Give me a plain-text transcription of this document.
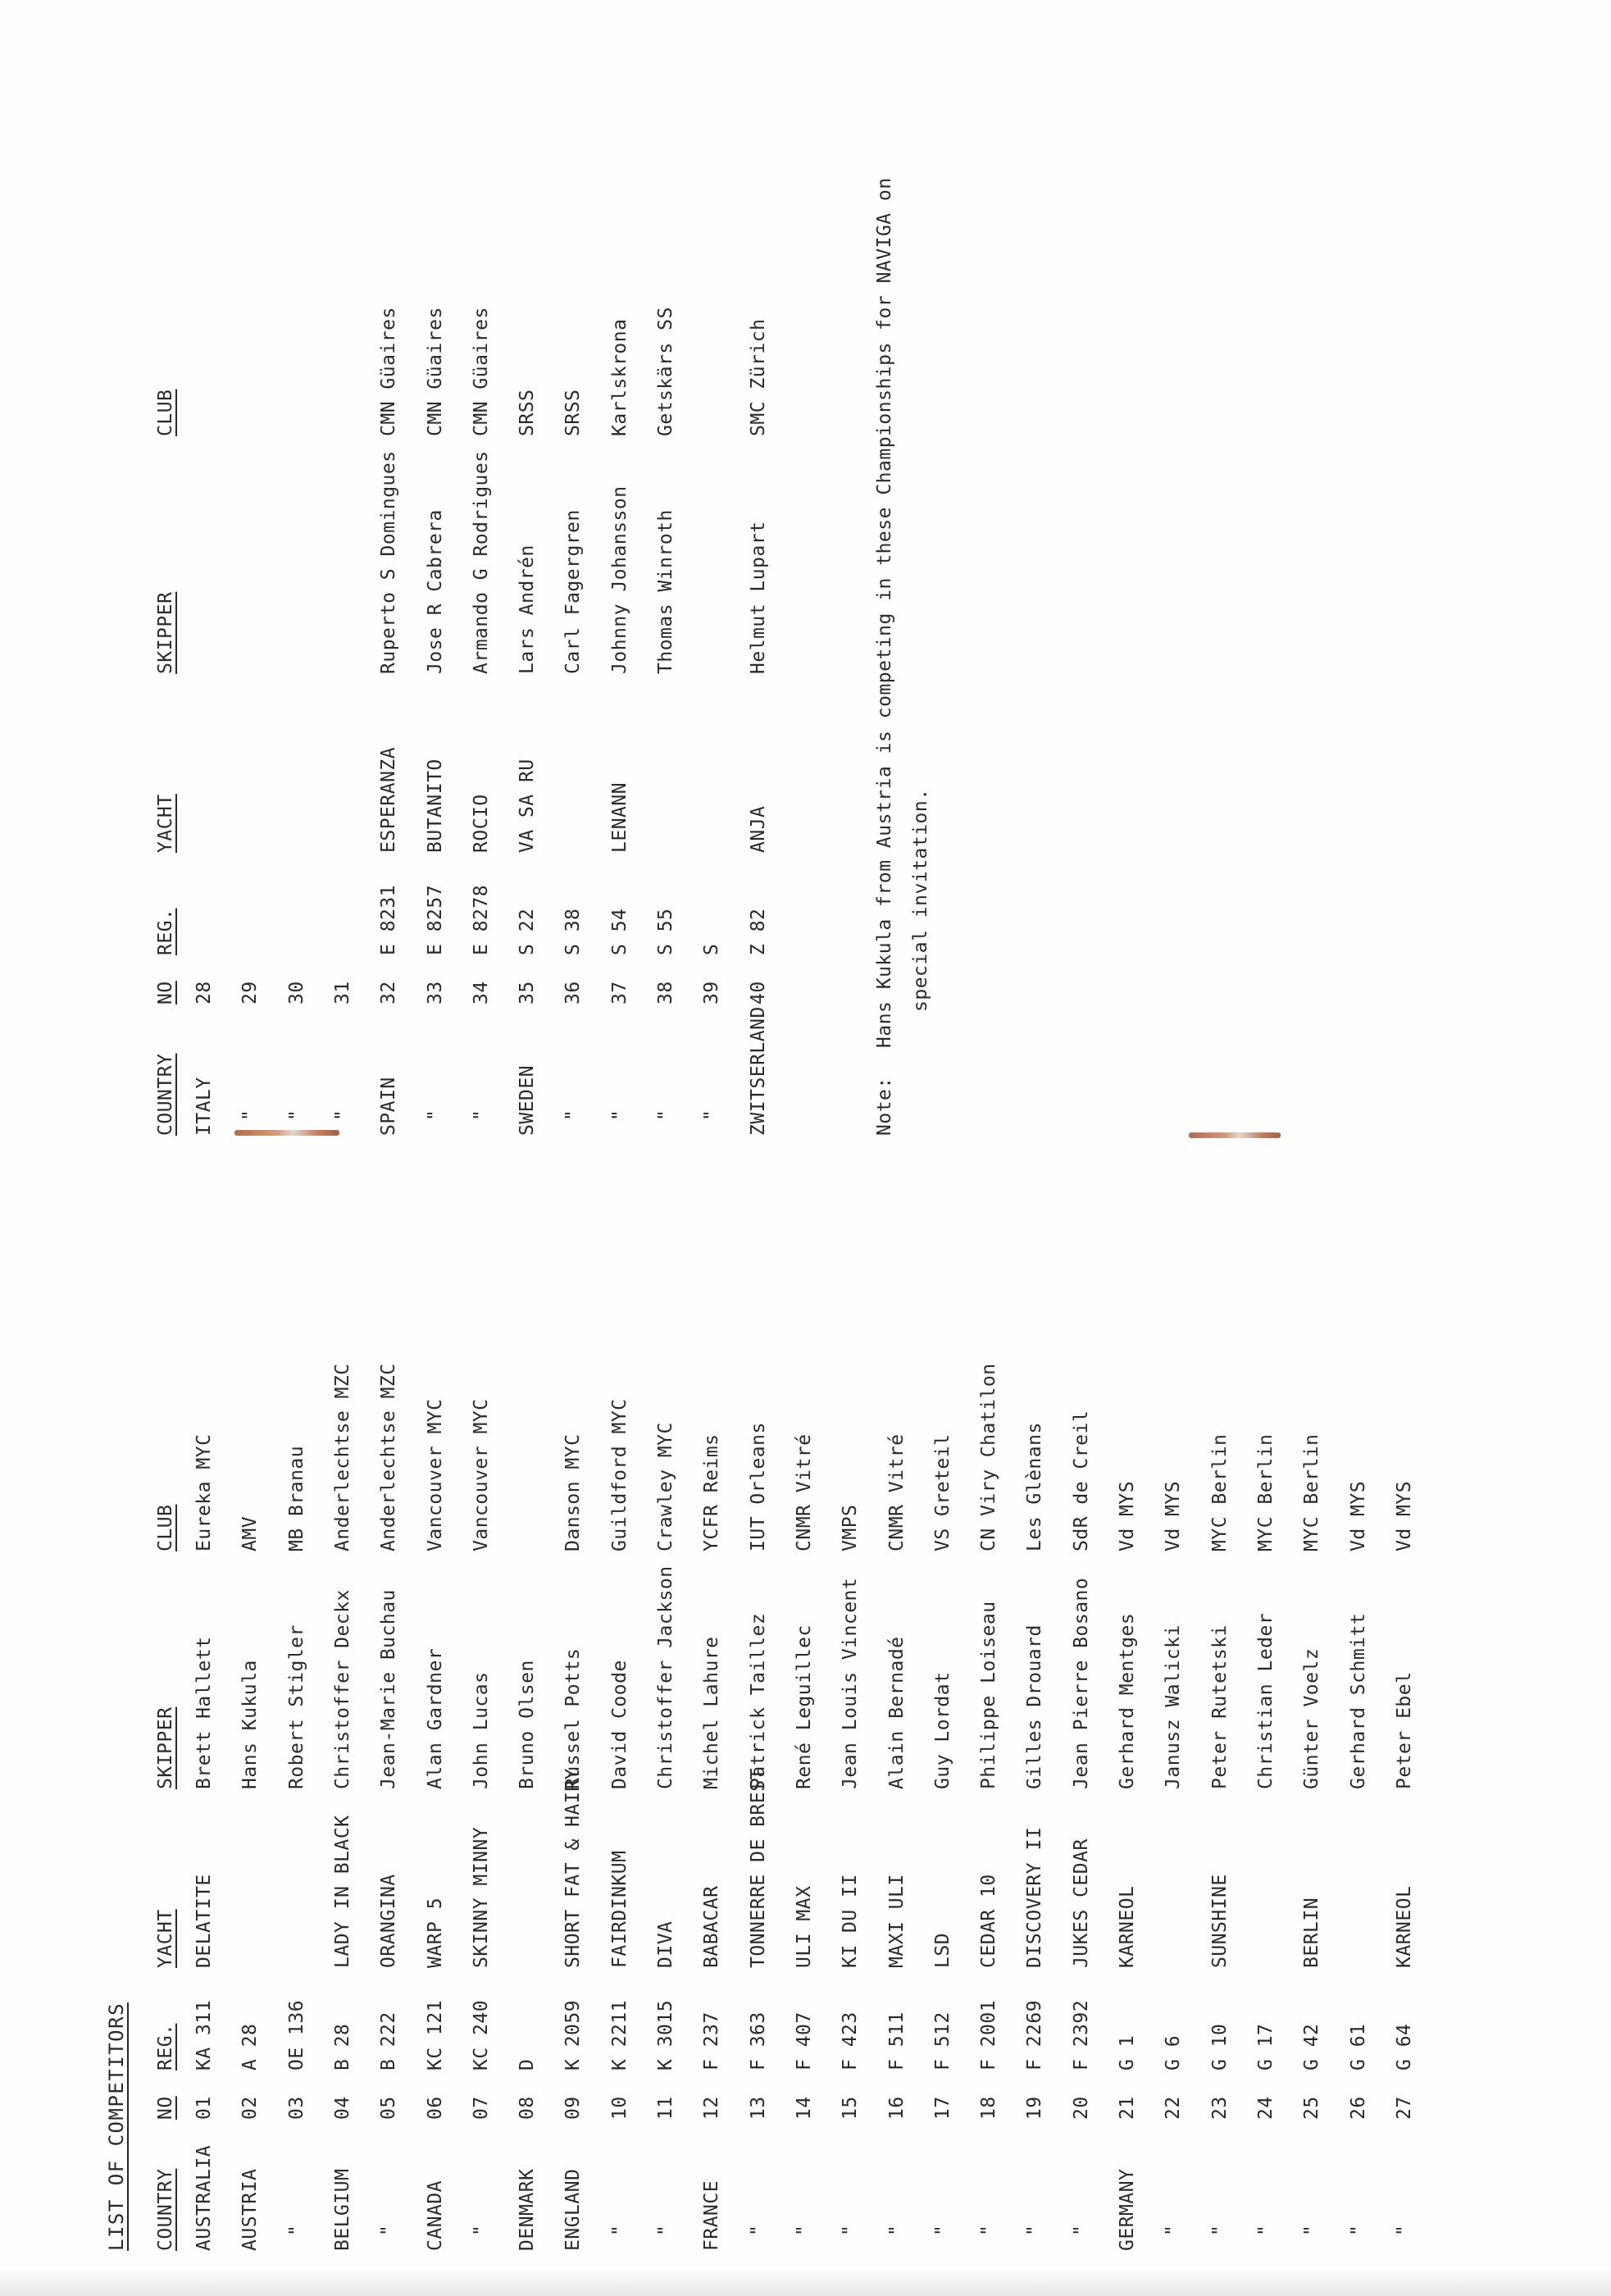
LIST OF COMPETITORS COUNTRY
NO
REG.
YACHT
SKIPPER
CLUB
COUNTRY
NO
REG.
YACHT
SKIPPER
CLUB
AUSTRALIA
01
KA 311
DELATITE
Brett Hallett
Eureka MYC
AUSTRIA
02
A 28
Hans Kukula
AMV
"
03
OE 136
Robert Stigler
MB Branau
BELGIUM
04
B 28
LADY IN BLACK
Christoffer Deckx
Anderlechtse MZC
"
05
B 222
ORANGINA
Jean-Marie Buchau
Anderlechtse MZC
CANADA
06
KC 121
WARP 5
Alan Gardner
Vancouver MYC
"
07
KC 240
SKINNY MINNY
John Lucas
Vancouver MYC
DENMARK
08
D
Bruno Olsen
ENGLAND
09
K 2059
SHORT FAT & HAIRY
Russel Potts
Danson MYC
"
10
K 2211
FAIRDINKUM
David Coode
Guildford MYC
"
11
K 3015
DIVA
Christoffer Jackson
Crawley MYC
FRANCE
12
F 237
BABACAR
Michel Lahure
YCFR Reims
"
13
F 363
TONNERRE DE BREST
Patrick Taillez
IUT Orleans
"
14
F 407
ULI MAX
René Leguillec
CNMR Vitré
"
15
F 423
KI DU II
Jean Louis Vincent
VMPS
"
16
F 511
MAXI ULI
Alain Bernadé
CNMR Vitré
"
17
F 512
LSD
Guy Lordat
VS Greteil
"
18
F 2001
CEDAR 10
Philippe Loiseau
CN Viry Chatilon
"
19
F 2269
DISCOVERY II
Gilles Drouard
Les Glènans
"
20
F 2392
JUKES CEDAR
Jean Pierre Bosano
SdR de Creil
GERMANY
21
G 1
KARNEOL
Gerhard Mentges
Vd MYS
"
22
G 6
Janusz Walicki
Vd MYS
"
23
G 10
SUNSHINE
Peter Rutetski
MYC Berlin
"
24
G 17
Christian Leder
MYC Berlin
"
25
G 42
BERLIN
Günter Voelz
MYC Berlin
"
26
G 61
Gerhard Schmitt
Vd MYS
"
27
G 64
KARNEOL
Peter Ebel
Vd MYS
ITALY
28
"
29
"
30
"
31
SPAIN
32
E 8231
ESPERANZA
Ruperto S Domingues
CMN Güaires
"
33
E 8257
BUTANITO
Jose R Cabrera
CMN Güaires
"
34
E 8278
ROCIO
Armando G Rodrigues
CMN Güaires
SWEDEN
35
S 22
VA SA RU
Lars Andrén
SRSS
"
36
S 38
Carl Fagergren
SRSS
"
37
S 54
LENANN
Johnny Johansson
Karlskrona
"
38
S 55
Thomas Winroth
Getskärs SS
"
39
S
ZWITSERLAND
40
Z 82
ANJA
Helmut Lupart
SMC Zürich
Note:
Hans Kukula from Austria is competing in these Championships for NAVIGA on special invitation.
